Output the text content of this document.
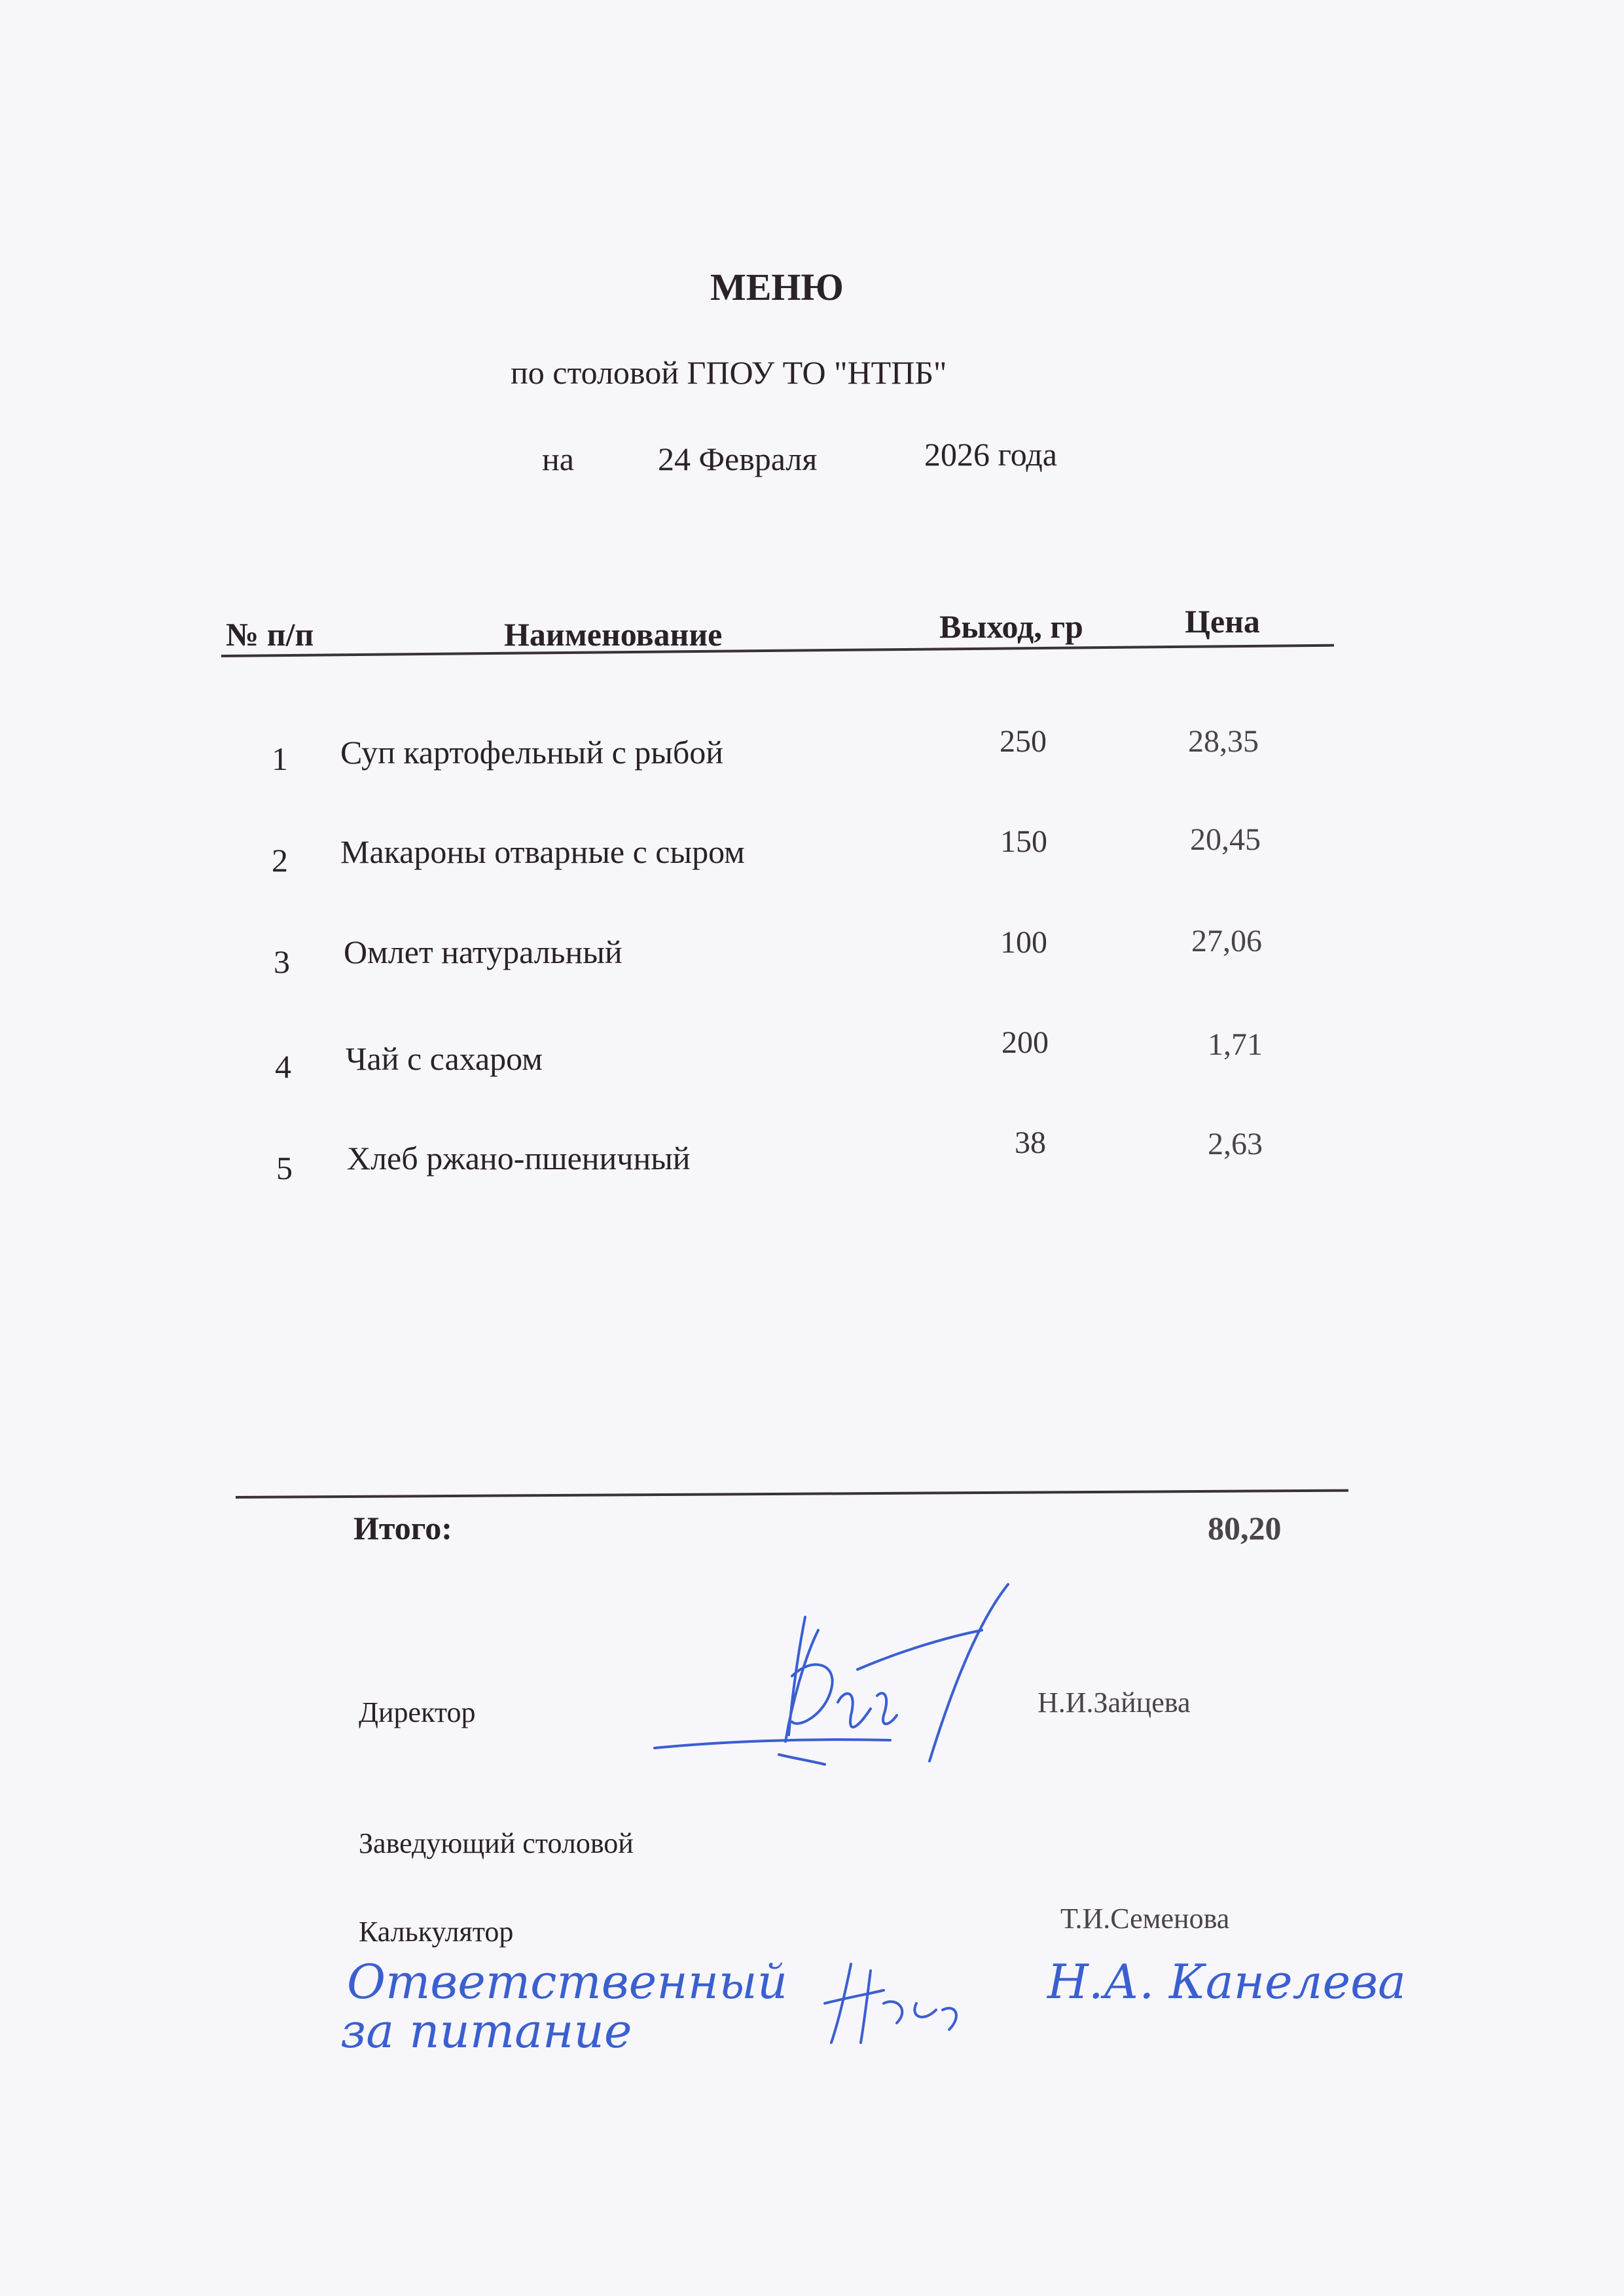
МЕНЮ
по столовой ГПОУ ТО "НТПБ"
на	24 Февраля	2026 года
№ п/п	Наименование	Выход, гр	Цена
1 Суп картофельный с рыбой	250	28,35
2 Макароны отварные с сыром	150	20,45
3 Омлет натуральный	100	27,06
4 Чай с сахаром	200	1,71
5 Хлеб ржано-пшеничный	38	2,63
Итого:	80,20
Директор	Н.И.Зайцева
Заведующий столовой
Калькулятор	Т.И.Семенова
Ответственный
за питание
Н.А. Канелева
